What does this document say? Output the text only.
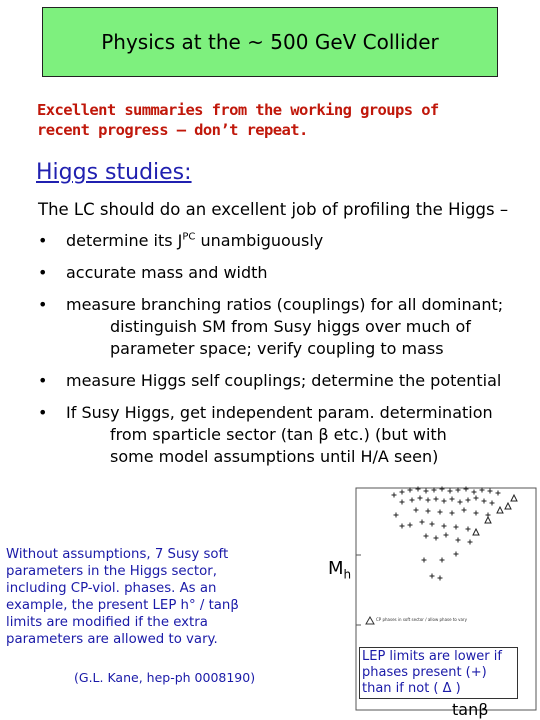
Physics at the ~ 500 GeV Collider
Excellent summaries from the working groups of
recent progress – don’t repeat.
Higgs studies:
The LC should do an excellent job of profiling the Higgs –
• determine its $J^{PC}$ unambiguously
• accurate mass and width
• measure branching ratios (couplings) for all dominant;
distinguish SM from Susy higgs over much of
parameter space; verify coupling to mass
• measure Higgs self couplings; determine the potential
• If Susy Higgs, get independent param. determination
from sparticle sector (tan β etc.) (but with
some model assumptions until H/A seen)
Without assumptions, 7 Susy soft
parameters in the Higgs sector,
including CP-viol. phases. As an
example, the present LEP h° / tanβ
limits are modified if the extra
parameters are allowed to vary.
(G.L. Kane, hep-ph 0008190)
CP phases in soft sector / allow phase to vary
$M_h$
tanβ
LEP limits are lower if phases present (+) than if not ( Δ )
